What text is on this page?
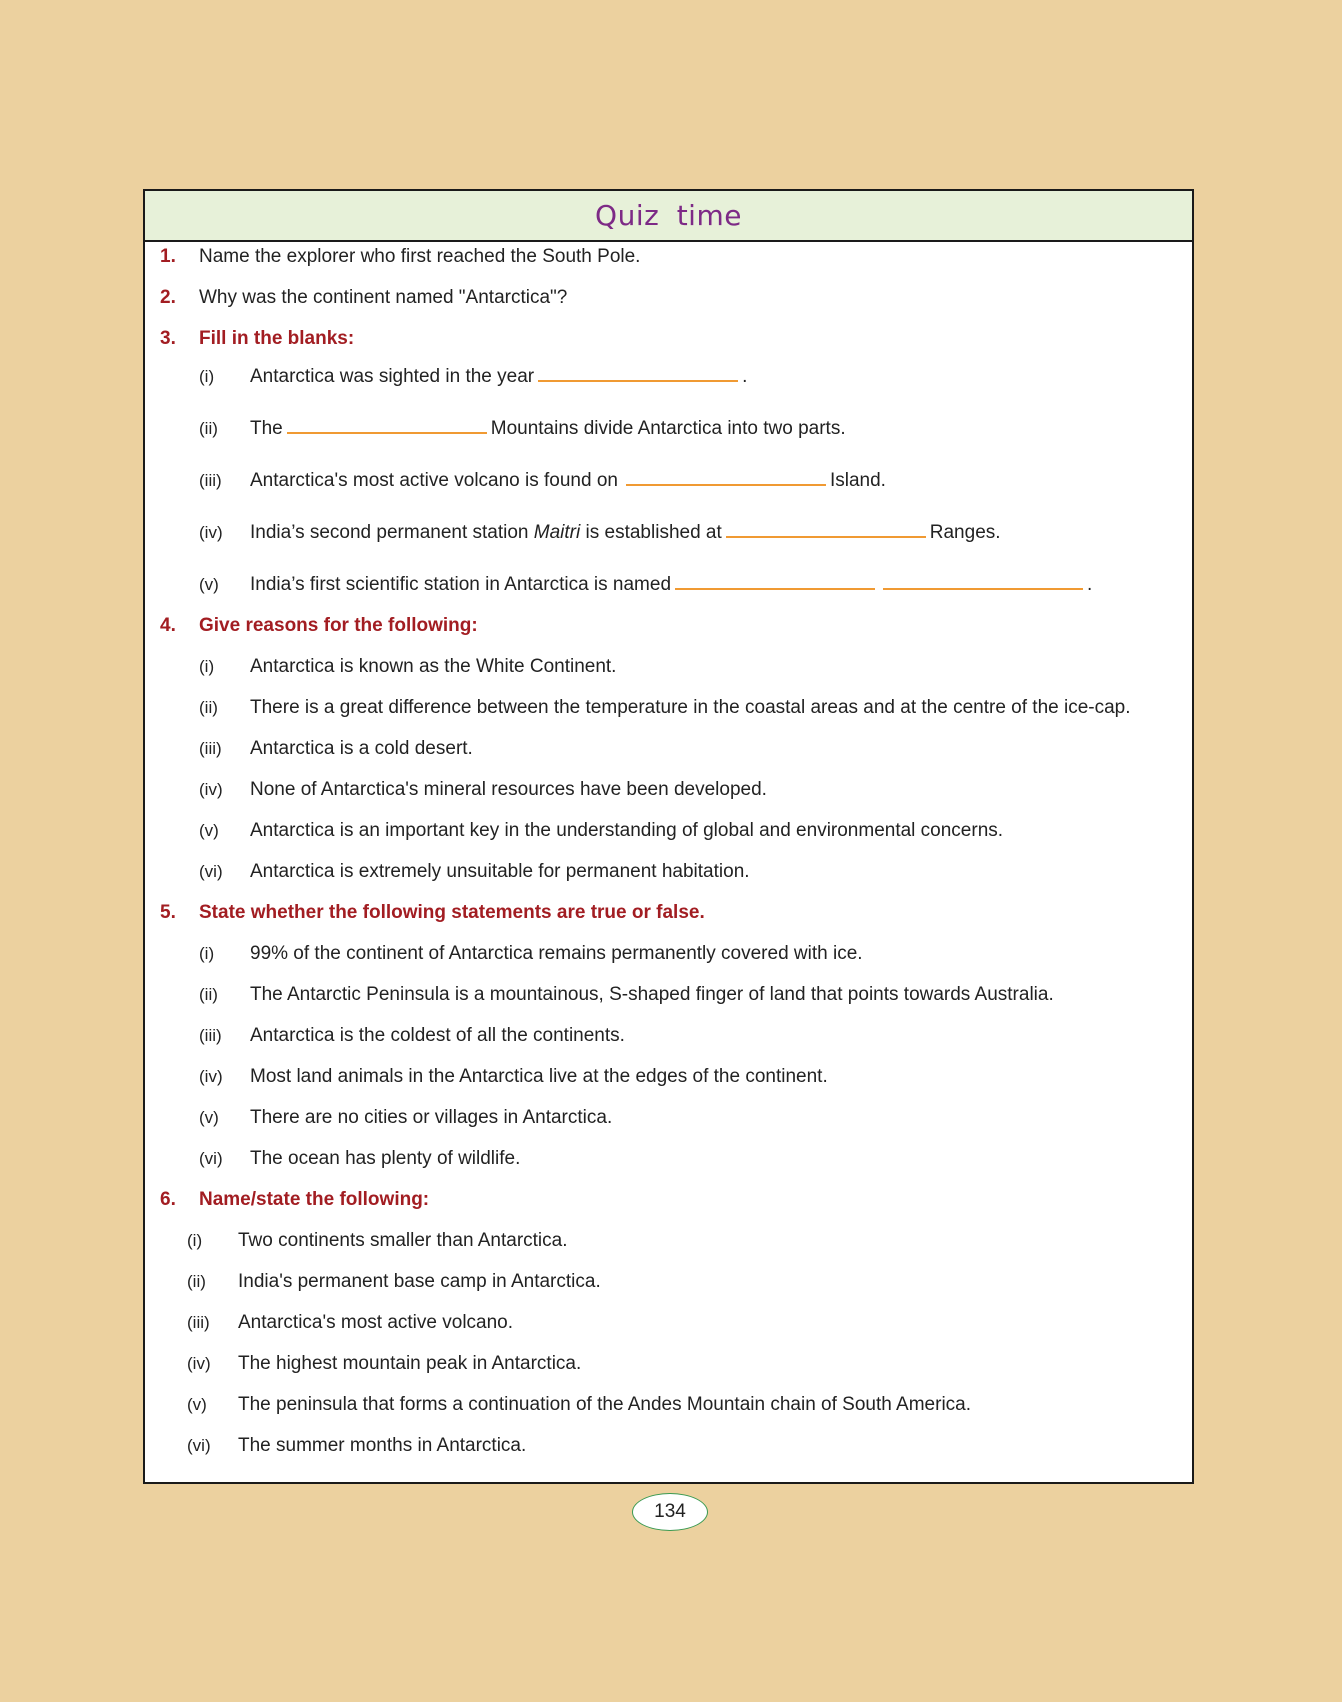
Quiz time
1. Name the explorer who first reached the South Pole.
2. Why was the continent named "Antarctica"?
3. Fill in the blanks:
(i) Antarctica was sighted in the year	.
(ii) The	Mountains divide Antarctica into two parts.
(iii) Antarctica's most active volcano is found on	Island.
(iv) India’s second permanent station Maitri is established at	Ranges.
(v) India’s first scientific station in Antarctica is named	.
4. Give reasons for the following:
(i) Antarctica is known as the White Continent.
(ii) There is a great difference between the temperature in the coastal areas and at the centre of the ice-cap.
(iii) Antarctica is a cold desert.
(iv) None of Antarctica's mineral resources have been developed.
(v) Antarctica is an important key in the understanding of global and environmental concerns.
(vi) Antarctica is extremely unsuitable for permanent habitation.
5. State whether the following statements are true or false.
(i) 99% of the continent of Antarctica remains permanently covered with ice.
(ii) The Antarctic Peninsula is a mountainous, S-shaped finger of land that points towards Australia.
(iii) Antarctica is the coldest of all the continents.
(iv) Most land animals in the Antarctica live at the edges of the continent.
(v) There are no cities or villages in Antarctica.
(vi) The ocean has plenty of wildlife.
6. Name/state the following:
(i) Two continents smaller than Antarctica.
(ii) India's permanent base camp in Antarctica.
(iii) Antarctica's most active volcano.
(iv) The highest mountain peak in Antarctica.
(v) The peninsula that forms a continuation of the Andes Mountain chain of South America.
(vi) The summer months in Antarctica.
134
